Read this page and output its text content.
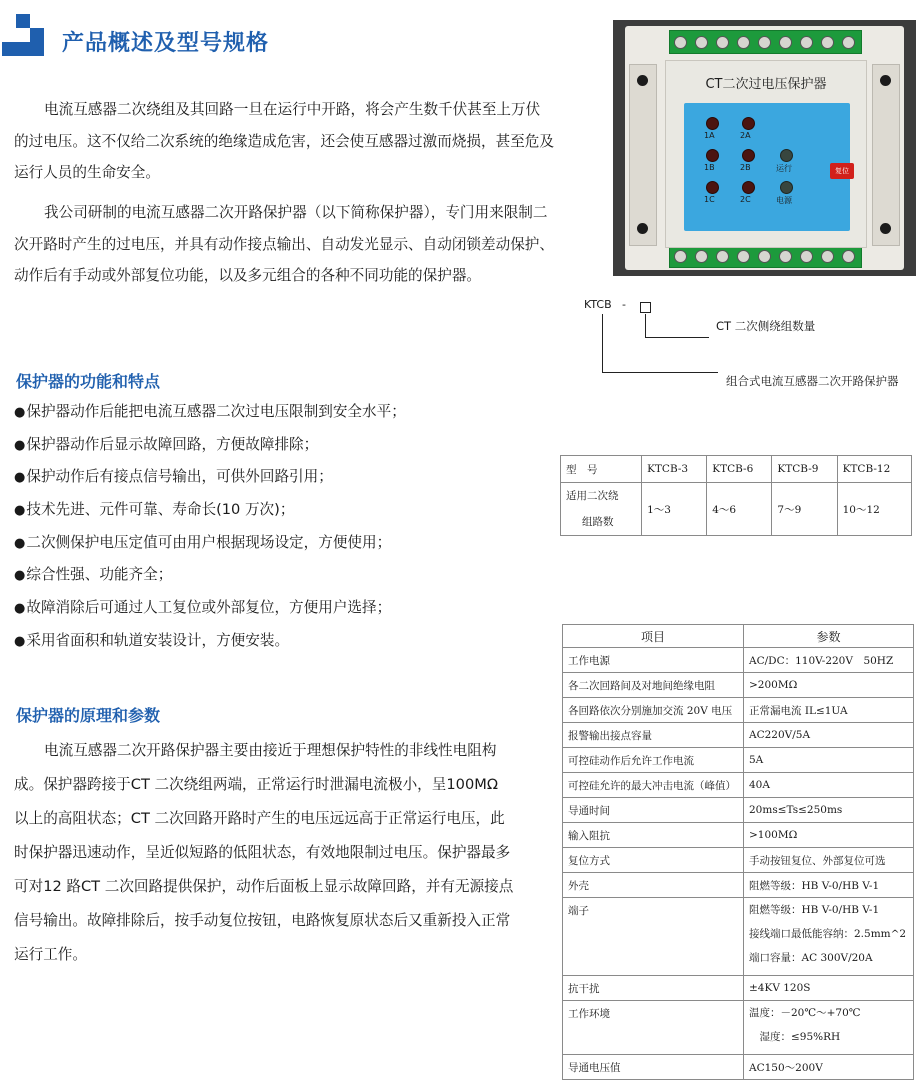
产品概述及型号规格

电流互感器二次绕组及其回路一旦在运行中开路，将会产生数千伏甚至上万伏的过电压。这不仅给二次系统的绝缘造成危害，还会使互感器过激而烧损，甚至危及运行人员的生命安全。

我公司研制的电流互感器二次开路保护器（以下简称保护器），专门用来限制二次开路时产生的过电压，并具有动作接点输出、自动发光显示、自动闭锁差动保护、动作后有手动或外部复位功能，以及多元组合的各种不同功能的保护器。

保护器的功能和特点
● 保护器动作后能把电流互感器二次过电压限制到安全水平；
● 保护器动作后显示故障回路，方便故障排除；
● 保护动作后有接点信号输出，可供外回路引用；
● 技术先进、元件可靠、寿命长(10 万次)；
● 二次侧保护电压定值可由用户根据现场设定，方便使用；
● 综合性强、功能齐全；
● 故障消除后可通过人工复位或外部复位，方便用户选择；
● 采用省面积和轨道安装设计，方便安装。
保护器的原理和参数

电流互感器二次开路保护器主要由接近于理想保护特性的非线性电阻构成。保护器跨接于CT 二次绕组两端，正常运行时泄漏电流极小，呈100MΩ 以上的高阻状态；CT 二次回路开路时产生的电压远远高于正常运行电压，此时保护器迅速动作，呈近似短路的低阻状态，有效地限制过电压。保护器最多可对12 路CT 二次回路提供保护，动作后面板上显示故障回路，并有无源接点信号输出。故障排除后，按手动复位按钮，电路恢复原状态后又重新投入正常运行工作。

CT二次过电压保护器
1A	2A
1B	2B
1C	2C
运行
电源
复位
KTCB -
CT 二次侧绕组数量
组合式电流互感器二次开路保护器
型　号	KTCB-3	KTCB-6	KTCB-9	KTCB-12
适用二次绕
组路数	1～3	4～6	7～9	10～12
项目	参数
工作电源	AC/DC：110V-220V　50HZ
各二次回路间及对地间绝缘电阻	>200MΩ
各回路依次分别施加交流 20V 电压	正常漏电流 IL≤1UA
报警输出接点容量	AC220V/5A
可控硅动作后允许工作电流	5A
可控硅允许的最大冲击电流（峰值）	40A
导通时间	20ms≤Ts≤250ms
输入阻抗	>100MΩ
复位方式	手动按钮复位、外部复位可选
外壳	阻燃等级：HB V-0/HB V-1
端子	阻燃等级：HB V-0/HB V-1
接线端口最低能容纳：2.5mm^2
端口容量：AC 300V/20A

抗干扰	±4KV 120S
工作环境	温度：－20℃～+70℃
　湿度：≤95%RH

导通电压值	AC150～200V
